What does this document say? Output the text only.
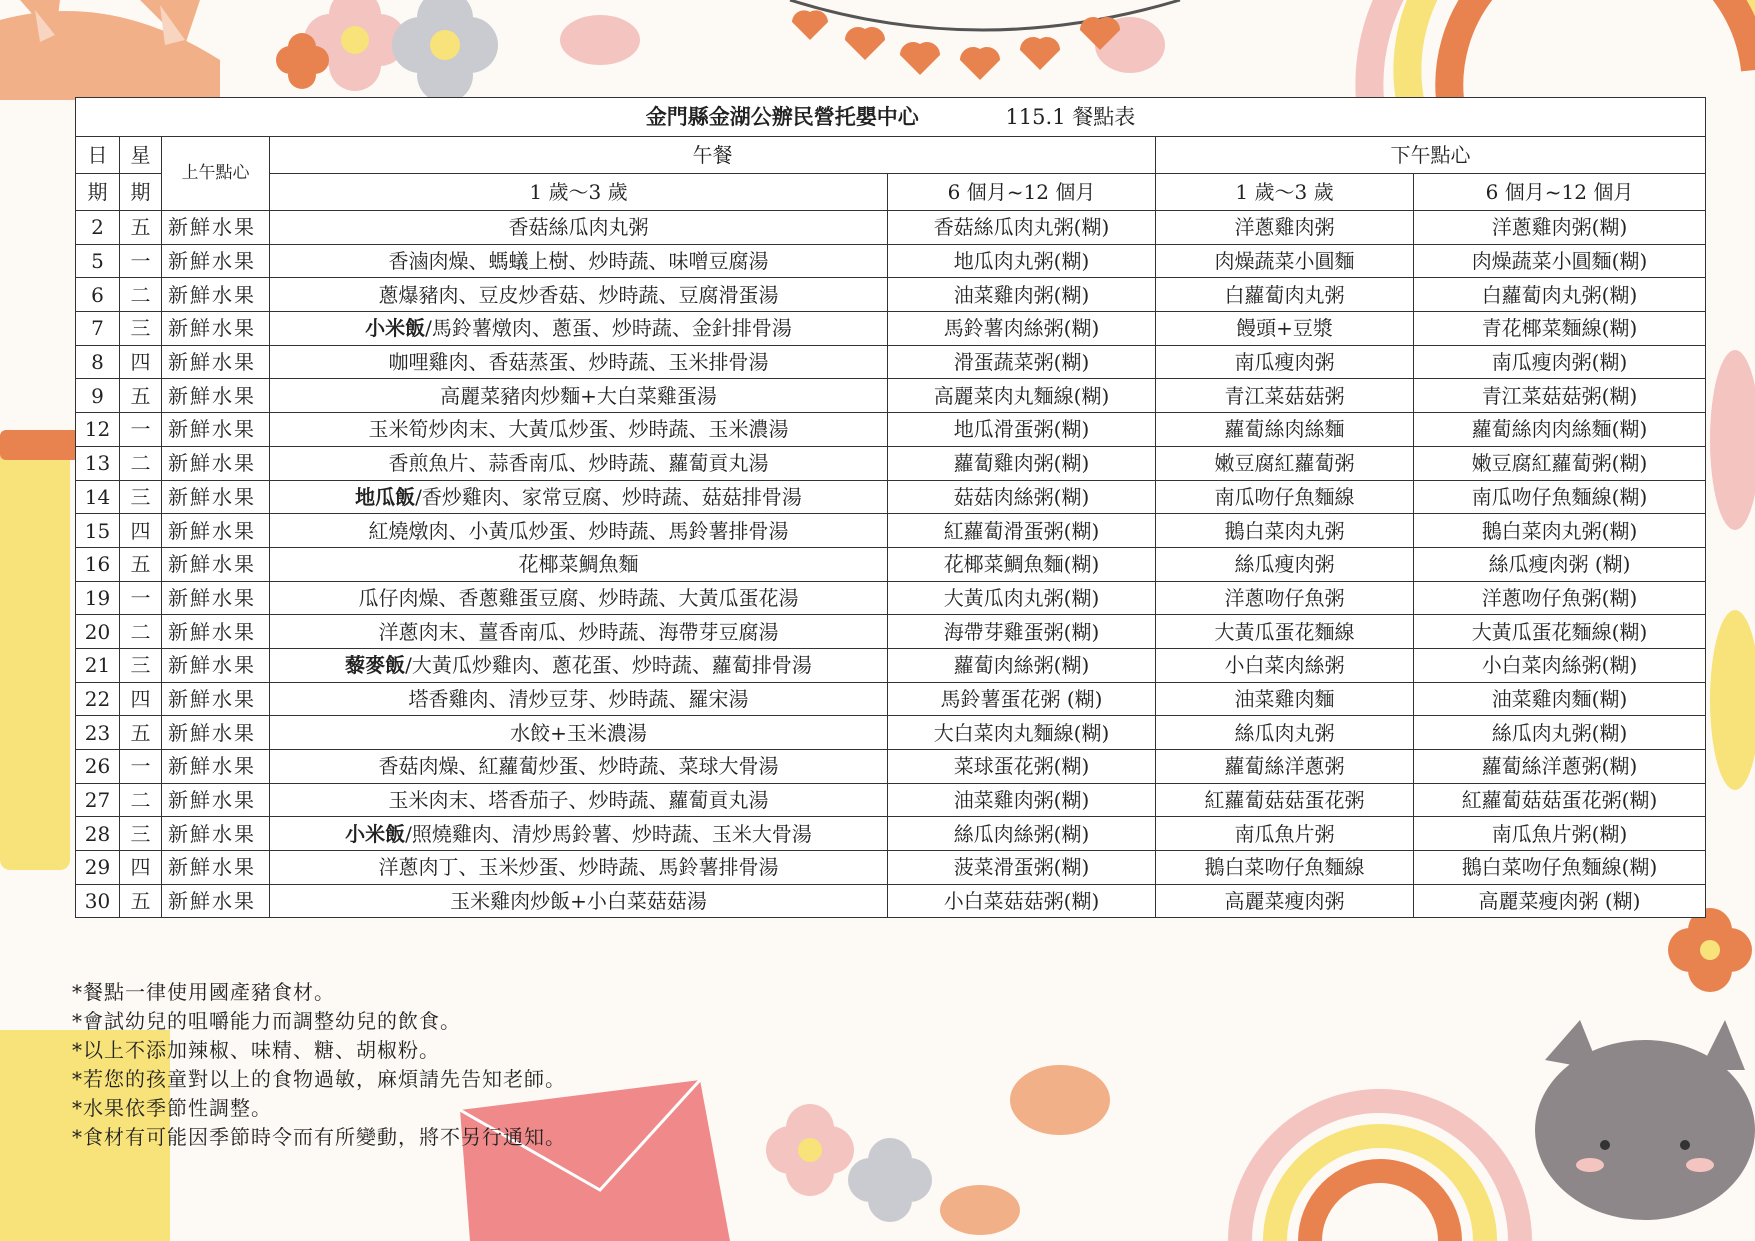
金門縣金湖公辦民營托嬰中心 115.1 餐點表						
日	星	上午點心	午餐		下午點心	
期	期		1 歲～3 歲	6 個月~12 個月	1 歲～3 歲	6 個月~12 個月
2	五	新鮮水果	香菇絲瓜肉丸粥	香菇絲瓜肉丸粥(糊)	洋蔥雞肉粥	洋蔥雞肉粥(糊)
5	一	新鮮水果	香滷肉燥、螞蟻上樹、炒時蔬、味噌豆腐湯	地瓜肉丸粥(糊)	肉燥蔬菜小圓麵	肉燥蔬菜小圓麵(糊)
6	二	新鮮水果	蔥爆豬肉、豆皮炒香菇、炒時蔬、豆腐滑蛋湯	油菜雞肉粥(糊)	白蘿蔔肉丸粥	白蘿蔔肉丸粥(糊)
7	三	新鮮水果	小米飯/馬鈴薯燉肉、蔥蛋、炒時蔬、金針排骨湯	馬鈴薯肉絲粥(糊)	饅頭+豆漿	青花椰菜麵線(糊)
8	四	新鮮水果	咖哩雞肉、香菇蒸蛋、炒時蔬、玉米排骨湯	滑蛋蔬菜粥(糊)	南瓜瘦肉粥	南瓜瘦肉粥(糊)
9	五	新鮮水果	高麗菜豬肉炒麵+大白菜雞蛋湯	高麗菜肉丸麵線(糊)	青江菜菇菇粥	青江菜菇菇粥(糊)
12	一	新鮮水果	玉米筍炒肉末、大黃瓜炒蛋、炒時蔬、玉米濃湯	地瓜滑蛋粥(糊)	蘿蔔絲肉絲麵	蘿蔔絲肉肉絲麵(糊)
13	二	新鮮水果	香煎魚片、蒜香南瓜、炒時蔬、蘿蔔貢丸湯	蘿蔔雞肉粥(糊)	嫩豆腐紅蘿蔔粥	嫩豆腐紅蘿蔔粥(糊)
14	三	新鮮水果	地瓜飯/香炒雞肉、家常豆腐、炒時蔬、菇菇排骨湯	菇菇肉絲粥(糊)	南瓜吻仔魚麵線	南瓜吻仔魚麵線(糊)
15	四	新鮮水果	紅燒燉肉、小黃瓜炒蛋、炒時蔬、馬鈴薯排骨湯	紅蘿蔔滑蛋粥(糊)	鵝白菜肉丸粥	鵝白菜肉丸粥(糊)
16	五	新鮮水果	花椰菜鯛魚麵	花椰菜鯛魚麵(糊)	絲瓜瘦肉粥	絲瓜瘦肉粥 (糊)
19	一	新鮮水果	瓜仔肉燥、香蔥雞蛋豆腐、炒時蔬、大黃瓜蛋花湯	大黃瓜肉丸粥(糊)	洋蔥吻仔魚粥	洋蔥吻仔魚粥(糊)
20	二	新鮮水果	洋蔥肉末、薑香南瓜、炒時蔬、海帶芽豆腐湯	海帶芽雞蛋粥(糊)	大黃瓜蛋花麵線	大黃瓜蛋花麵線(糊)
21	三	新鮮水果	藜麥飯/大黃瓜炒雞肉、蔥花蛋、炒時蔬、蘿蔔排骨湯	蘿蔔肉絲粥(糊)	小白菜肉絲粥	小白菜肉絲粥(糊)
22	四	新鮮水果	塔香雞肉、清炒豆芽、炒時蔬、羅宋湯	馬鈴薯蛋花粥 (糊)	油菜雞肉麵	油菜雞肉麵(糊)
23	五	新鮮水果	水餃+玉米濃湯	大白菜肉丸麵線(糊)	絲瓜肉丸粥	絲瓜肉丸粥(糊)
26	一	新鮮水果	香菇肉燥、紅蘿蔔炒蛋、炒時蔬、菜球大骨湯	菜球蛋花粥(糊)	蘿蔔絲洋蔥粥	蘿蔔絲洋蔥粥(糊)
27	二	新鮮水果	玉米肉末、塔香茄子、炒時蔬、蘿蔔貢丸湯	油菜雞肉粥(糊)	紅蘿蔔菇菇蛋花粥	紅蘿蔔菇菇蛋花粥(糊)
28	三	新鮮水果	小米飯/照燒雞肉、清炒馬鈴薯、炒時蔬、玉米大骨湯	絲瓜肉絲粥(糊)	南瓜魚片粥	南瓜魚片粥(糊)
29	四	新鮮水果	洋蔥肉丁、玉米炒蛋、炒時蔬、馬鈴薯排骨湯	菠菜滑蛋粥(糊)	鵝白菜吻仔魚麵線	鵝白菜吻仔魚麵線(糊)
30	五	新鮮水果	玉米雞肉炒飯+小白菜菇菇湯	小白菜菇菇粥(糊)	高麗菜瘦肉粥	高麗菜瘦肉粥 (糊)
*餐點一律使用國產豬食材。
*會試幼兒的咀嚼能力而調整幼兒的飲食。
*以上不添加辣椒、味精、糖、胡椒粉。
*若您的孩童對以上的食物過敏，麻煩請先告知老師。
*水果依季節性調整。
*食材有可能因季節時令而有所變動，將不另行通知。
